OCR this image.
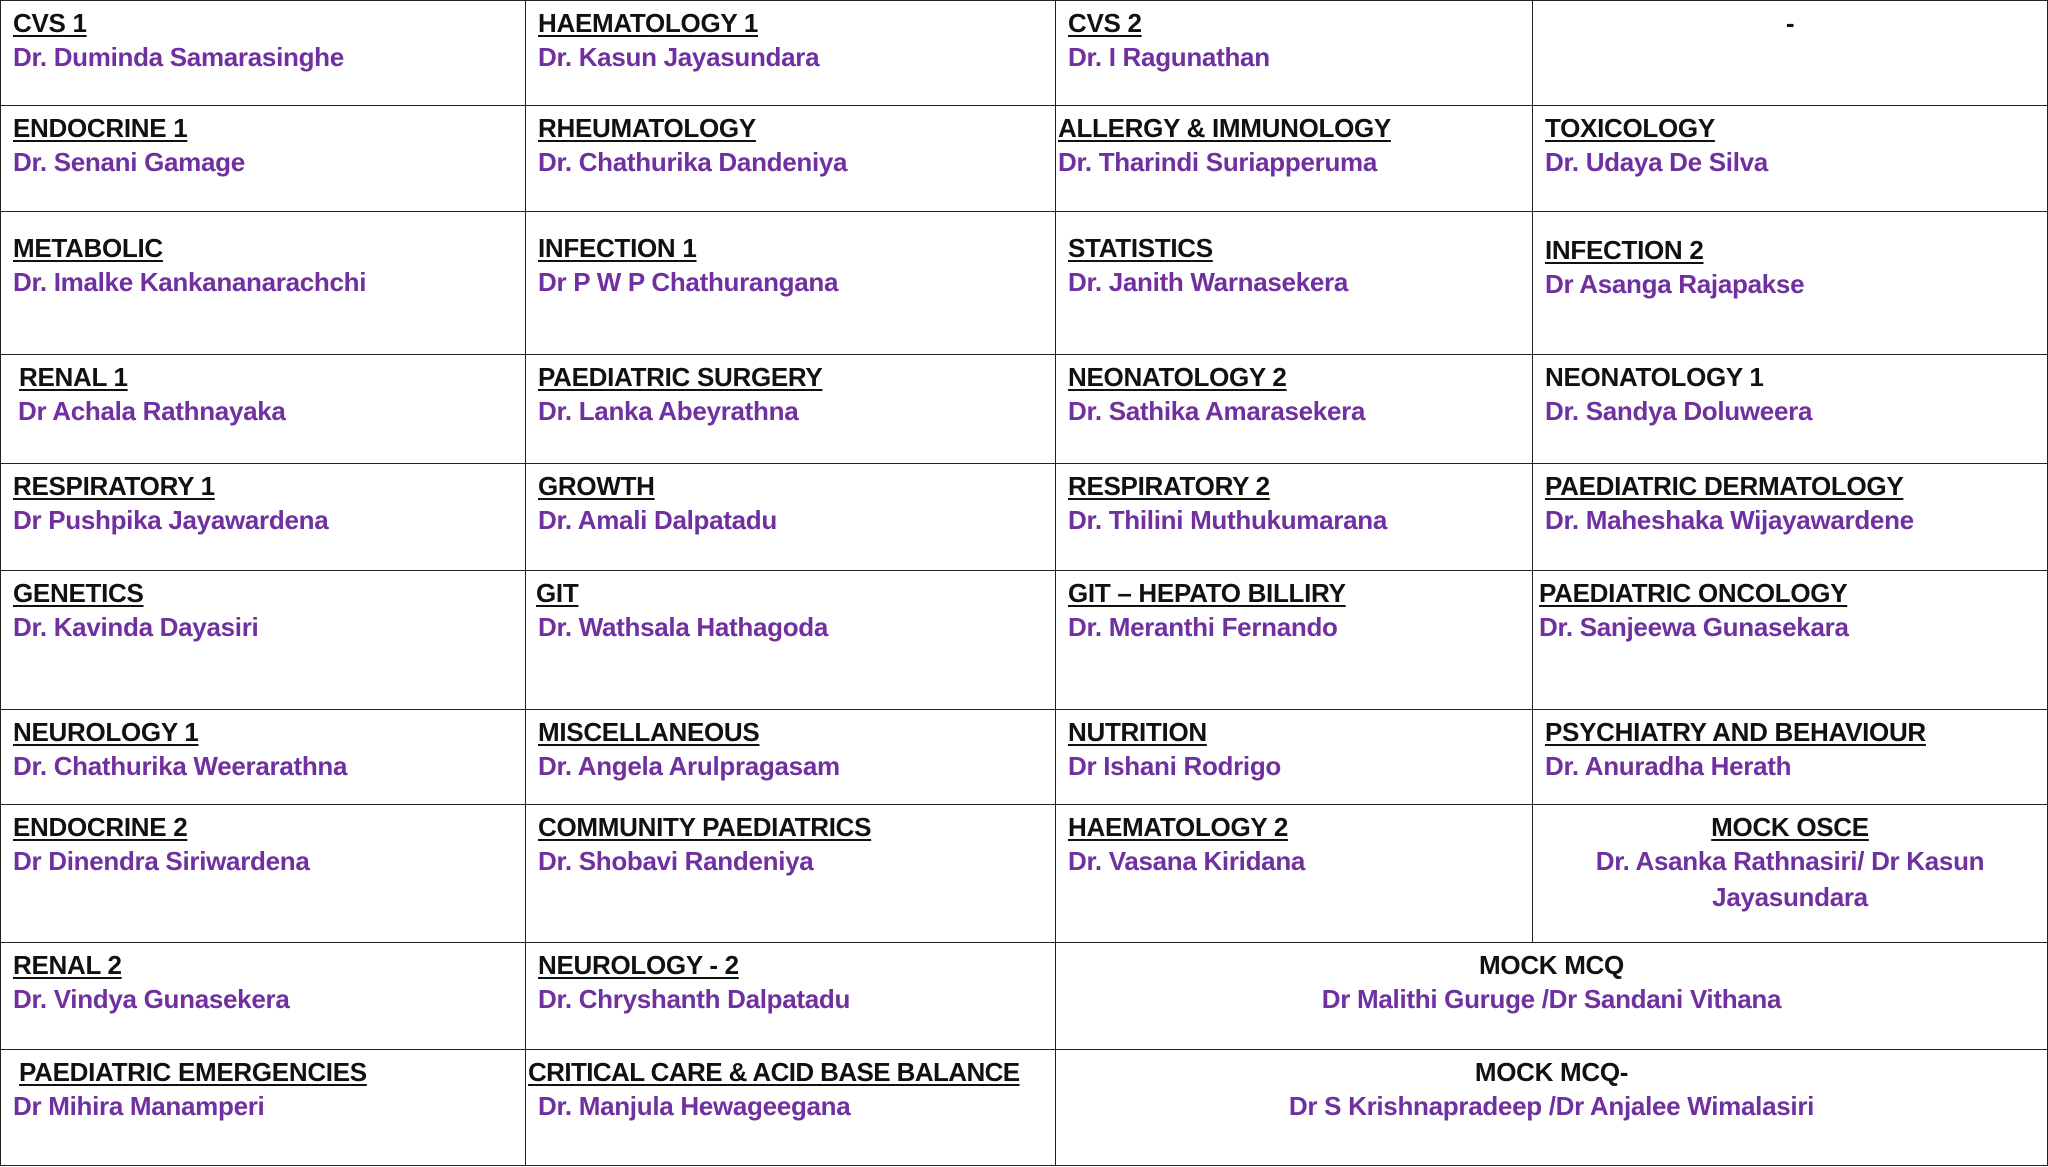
CVS 1
Dr. Duminda Samarasinghe	HAEMATOLOGY 1
Dr. Kasun Jayasundara	CVS 2
Dr. I Ragunathan	-

ENDOCRINE 1
Dr. Senani Gamage	RHEUMATOLOGY
Dr. Chathurika Dandeniya	ALLERGY & IMMUNOLOGY
Dr. Tharindi Suriapperuma	TOXICOLOGY
Dr. Udaya De Silva

METABOLIC
Dr. Imalke Kankananarachchi	INFECTION 1
Dr P W P Chathurangana	STATISTICS
Dr. Janith Warnasekera	INFECTION 2
Dr Asanga Rajapakse

RENAL 1
Dr Achala Rathnayaka	PAEDIATRIC SURGERY
Dr. Lanka Abeyrathna	NEONATOLOGY 2
Dr. Sathika Amarasekera	NEONATOLOGY 1
Dr. Sandya Doluweera

RESPIRATORY 1
Dr Pushpika Jayawardena	GROWTH
Dr. Amali Dalpatadu	RESPIRATORY 2
Dr. Thilini Muthukumarana	PAEDIATRIC DERMATOLOGY
Dr. Maheshaka Wijayawardene

GENETICS
Dr. Kavinda Dayasiri	GIT
Dr. Wathsala Hathagoda	GIT – HEPATO BILLIRY
Dr. Meranthi Fernando	PAEDIATRIC ONCOLOGY
Dr. Sanjeewa Gunasekara

NEUROLOGY 1
Dr. Chathurika Weerarathna	MISCELLANEOUS
Dr. Angela Arulpragasam	NUTRITION
Dr Ishani Rodrigo	PSYCHIATRY AND BEHAVIOUR
Dr. Anuradha Herath

ENDOCRINE 2
Dr Dinendra Siriwardena	COMMUNITY PAEDIATRICS
Dr. Shobavi Randeniya	HAEMATOLOGY 2
Dr. Vasana Kiridana	MOCK OSCE
Dr. Asanka Rathnasiri/ Dr Kasun Jayasundara

RENAL 2
Dr. Vindya Gunasekera	NEUROLOGY - 2
Dr. Chryshanth Dalpatadu	MOCK MCQ
Dr Malithi Guruge /Dr Sandani Vithana	

PAEDIATRIC EMERGENCIES
Dr Mihira Manamperi	CRITICAL CARE & ACID BASE BALANCE
Dr. Manjula Hewageegana	MOCK MCQ-
Dr S Krishnapradeep /Dr Anjalee Wimalasiri	
